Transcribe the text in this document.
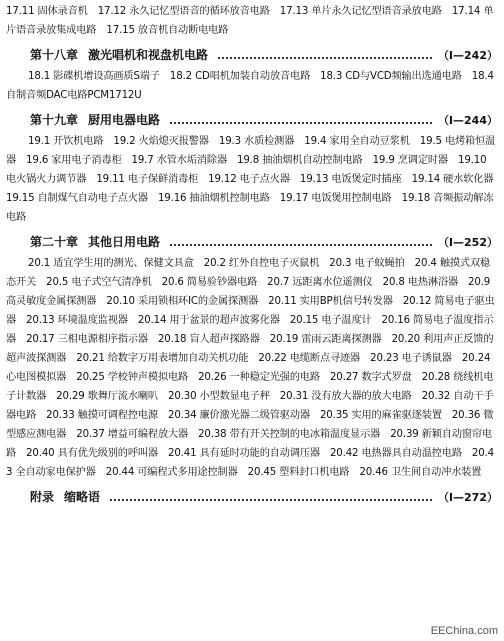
17.11 固体录音机　17.12 永久记忆型语音的循环放音电路　17.13 单片永久记忆型语音录放电路　17.14 单片语音录放集成电路　17.15 放音机自动断电电路

第十八章 激光唱机和视盘机电路	（Ⅰ—242）

18.1 影碟机增设高画质S端子　18.2 CD唱机加装自动放音电路　18.3 CD与VCD频输出选通电路　18.4 自制音频DAC电路PCM1712U

第十九章 厨用电器电路	（Ⅰ—244）

19.1 开饮机电路　19.2 火焰熄灭报警器　19.3 水质检测器　19.4 家用全自动豆浆机　19.5 电烤箱恒温器　19.6 家用电子消毒柜　19.7 水管水垢消除器　19.8 抽油烟机自动控制电路　19.9 烹调定时器　19.10 电火锅火力调节器　19.11 电子保鲜消毒柜　19.12 电子点火器　19.13 电饭煲定时插座　19.14 硬水软化器　19.15 自制煤气自动电子点火器　19.16 抽油烟机控制电路　19.17 电饭煲用控制电路　19.18 音频振动解冻电路

第二十章 其他日用电路	（Ⅰ—252）

20.1 适宜学生用的测光、保健文具盒　20.2 红外自控电子灭鼠机　20.3 电子蚊蝇拍　20.4 触摸式双稳态开关　20.5 电子式空气清净机　20.6 简易验钞器电路　20.7 远距离水位遥测仪　20.8 电热淋浴器　20.9 高灵敏度金属探测器　20.10 采用锁相环IC的金属探测器　20.11 实用BP机信号转发器　20.12 简易电子驱虫器　20.13 环境温度监视器　20.14 用于盆景的超声波雾化器　20.15 电子温度计　20.16 简易电子温度指示器　20.17 三相电源相序指示器　20.18 盲人超声探路器　20.19 雷雨云距离探测器　20.20 利用声正反馈的超声波探测器　20.21 给数字万用表增加自动关机功能　20.22 电缆断点寻迹器　20.23 电子诱鼠器　20.24 心电图模拟器　20.25 学校钟声模拟电路　20.26 一种稳定光强的电路　20.27 数字式罗盘　20.28 绕线机电子计数器　20.29 歌舞厅流水喇叭　20.30 小型数显电子秤　20.31 没有放大器的放大电路　20.32 自动干手器电路　20.33 触摸可调程控电源　20.34 廉价激光器二级管驱动器　20.35 实用的麻雀驱逐装置　20.36 微型感应测电器　20.37 增益可编程放大器　20.38 带有开关控制的电冰箱温度显示器　20.39 新颖自动窗帘电路　20.40 具有优先级别的呼叫器　20.41 具有延时功能的自动调压器　20.42 电热器具自动温控电路　20.43 全自动家电保护器　20.44 可编程式多用途控制器　20.45 塑料封口机电路　20.46 卫生间自动冲水装置

附录 缩略语	（Ⅰ—272）
EEChina.com
